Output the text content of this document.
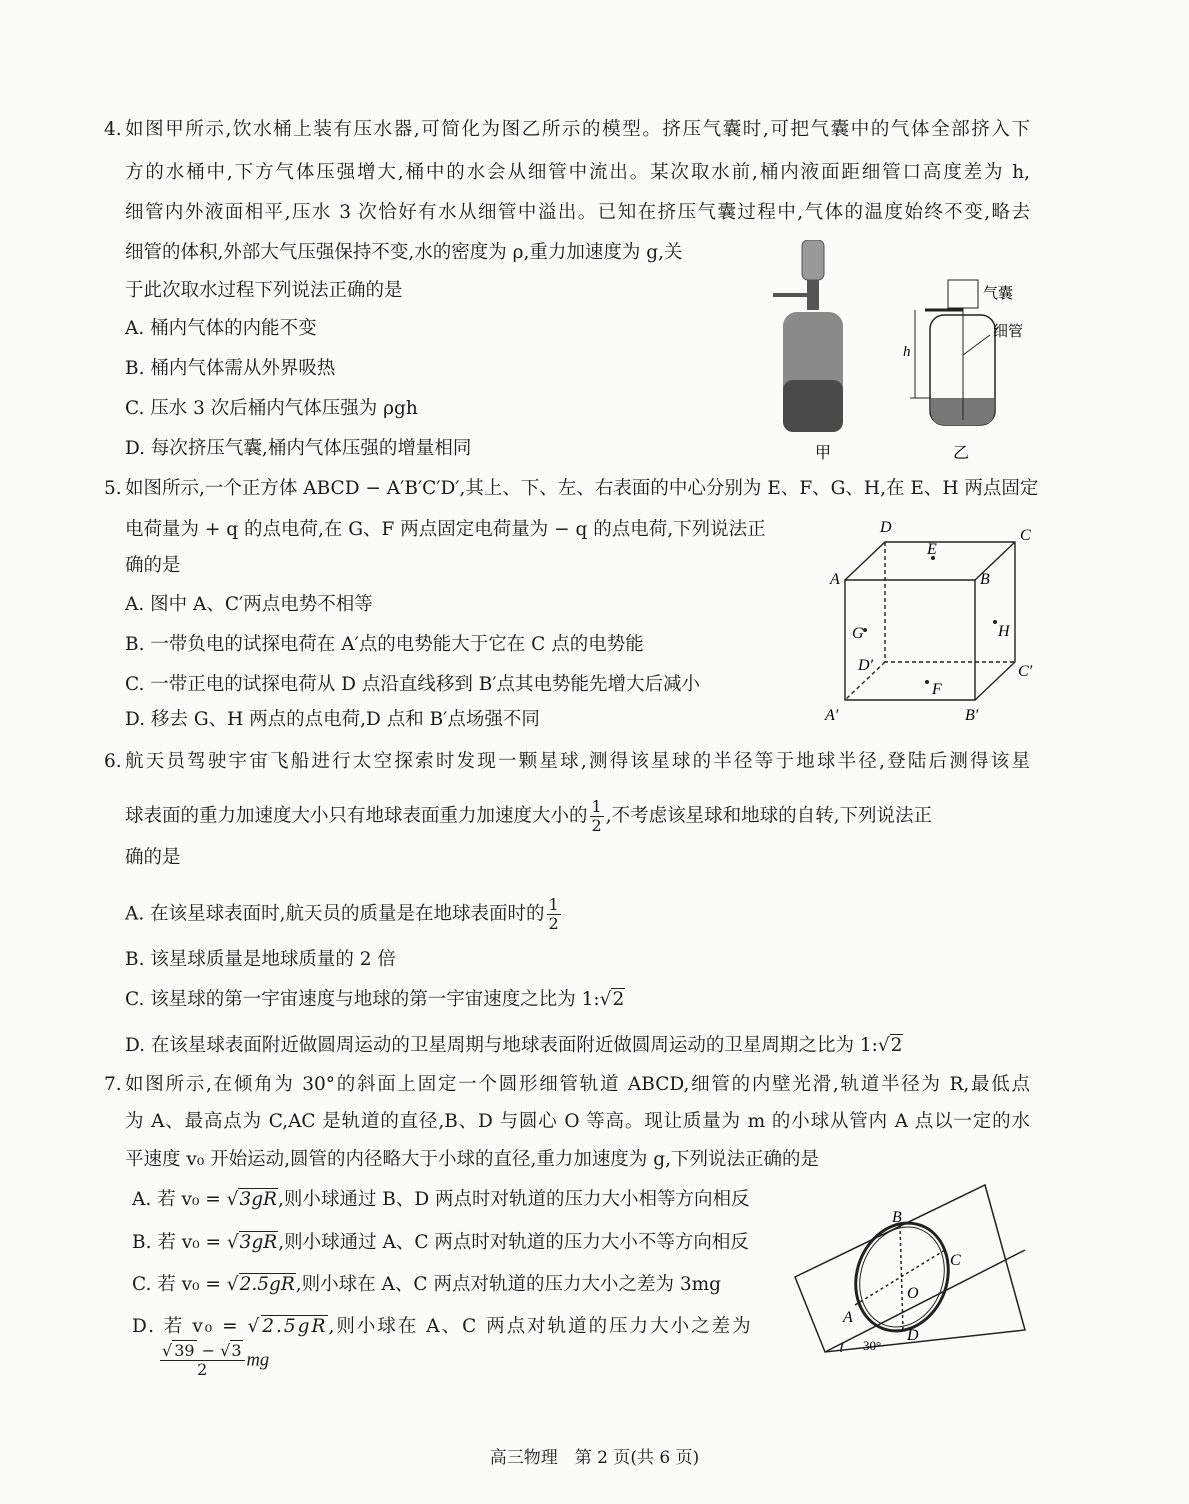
4. 如图甲所示,饮水桶上装有压水器,可简化为图乙所示的模型。挤压气囊时,可把气囊中的气体全部挤入下
方的水桶中,下方气体压强增大,桶中的水会从细管中流出。某次取水前,桶内液面距细管口高度差为 h,
细管内外液面相平,压水 3 次恰好有水从细管中溢出。已知在挤压气囊过程中,气体的温度始终不变,略去
细管的体积,外部大气压强保持不变,水的密度为 ρ,重力加速度为 g,关
于此次取水过程下列说法正确的是
A. 桶内气体的内能不变
B. 桶内气体需从外界吸热
C. 压水 3 次后桶内气体压强为 ρgh
D. 每次挤压气囊,桶内气体压强的增量相同
h
气囊
细管
甲	乙
5. 如图所示,一个正方体 ABCD − A′B′C′D′,其上、下、左、右表面的中心分别为 E、F、G、H,在 E、H 两点固定
电荷量为 + q 的点电荷,在 G、F 两点固定电荷量为 − q 的点电荷,下列说法正
确的是
A. 图中 A、C′两点电势不相等
B. 一带负电的试探电荷在 A′点的电势能大于它在 C 点的电势能
C. 一带正电的试探电荷从 D 点沿直线移到 B′点其电势能先增大后减小
D. 移去 G、H 两点的点电荷,D 点和 B′点场强不同
D	C
A	B
E
G	H
D′	C′
F
A′	B′
6. 航天员驾驶宇宙飞船进行太空探索时发现一颗星球,测得该星球的半径等于地球半径,登陆后测得该星
球表面的重力加速度大小只有地球表面重力加速度大小的 $\frac{1}{2}$ ,不考虑该星球和地球的自转,下列说法正
确的是
A. 在该星球表面时,航天员的质量是在地球表面时的 $\frac{1}{2}$
B. 该星球质量是地球质量的 2 倍
C. 该星球的第一宇宙速度与地球的第一宇宙速度之比为 1:√2
D. 在该星球表面附近做圆周运动的卫星周期与地球表面附近做圆周运动的卫星周期之比为 1:√2
7. 如图所示,在倾角为 30°的斜面上固定一个圆形细管轨道 ABCD,细管的内壁光滑,轨道半径为 R,最低点
为 A、最高点为 C,AC 是轨道的直径,B、D 与圆心 O 等高。现让质量为 m 的小球从管内 A 点以一定的水
平速度 v₀ 开始运动,圆管的内径略大于小球的直径,重力加速度为 g,下列说法正确的是
A. 若 v₀ = √3gR,则小球通过 B、D 两点时对轨道的压力大小相等方向相反
B. 若 v₀ = √3gR,则小球通过 A、C 两点时对轨道的压力大小不等方向相反
C. 若 v₀ = √2.5gR,则小球在 A、C 两点对轨道的压力大小之差为 3mg
D. 若 v₀ = √2.5gR,则小球在 A、C 两点对轨道的压力大小之差为
$\frac{√ 39 - √3}{2}$ mg
B
C
O
A
D
30°
高三物理　第 2 页(共 6 页)
